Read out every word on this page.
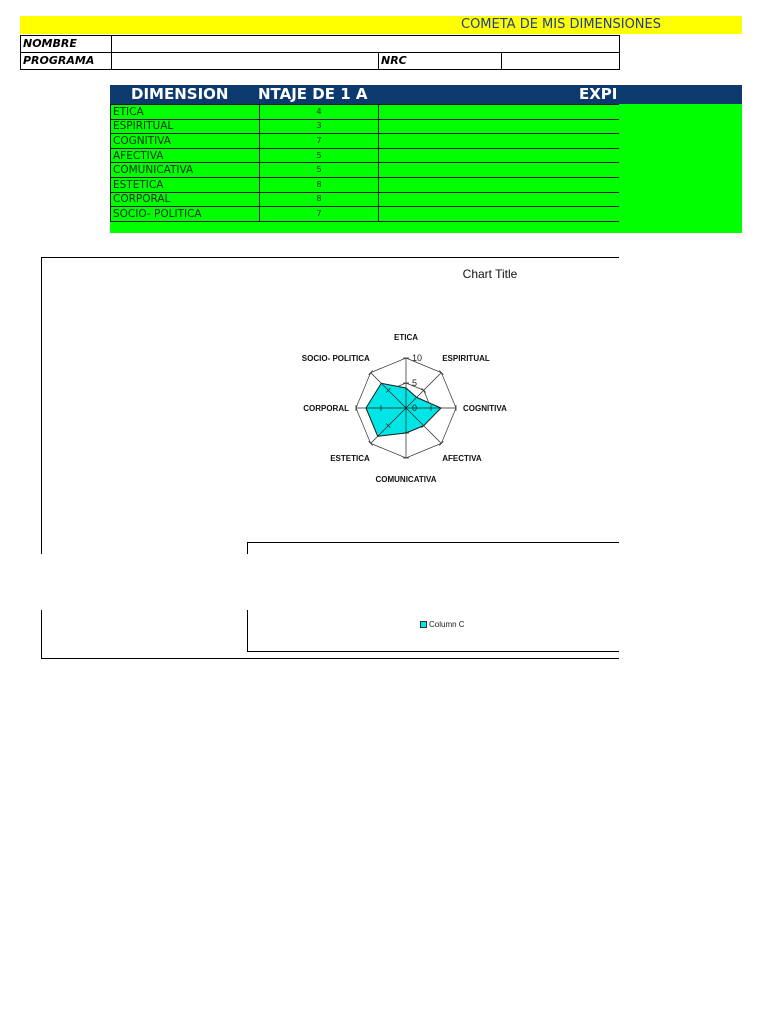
COMETA DE MIS DIMENSIONES
NOMBRE			
PROGRAMA		NRC	
DIMENSION	NTAJE DE 1 A	EXPI
ETICA	4	
ESPIRITUAL	3	
COGNITIVA	7	
AFECTIVA	5	
COMUNICATIVA	5	
ESTETICA	8	
CORPORAL	8	
SOCIO- POLITICA	7	
Chart Title
0
5
10
ETICA
ESPIRITUAL
COGNITIVA
AFECTIVA
COMUNICATIVA
ESTETICA
CORPORAL
SOCIO- POLITICA
Column C
